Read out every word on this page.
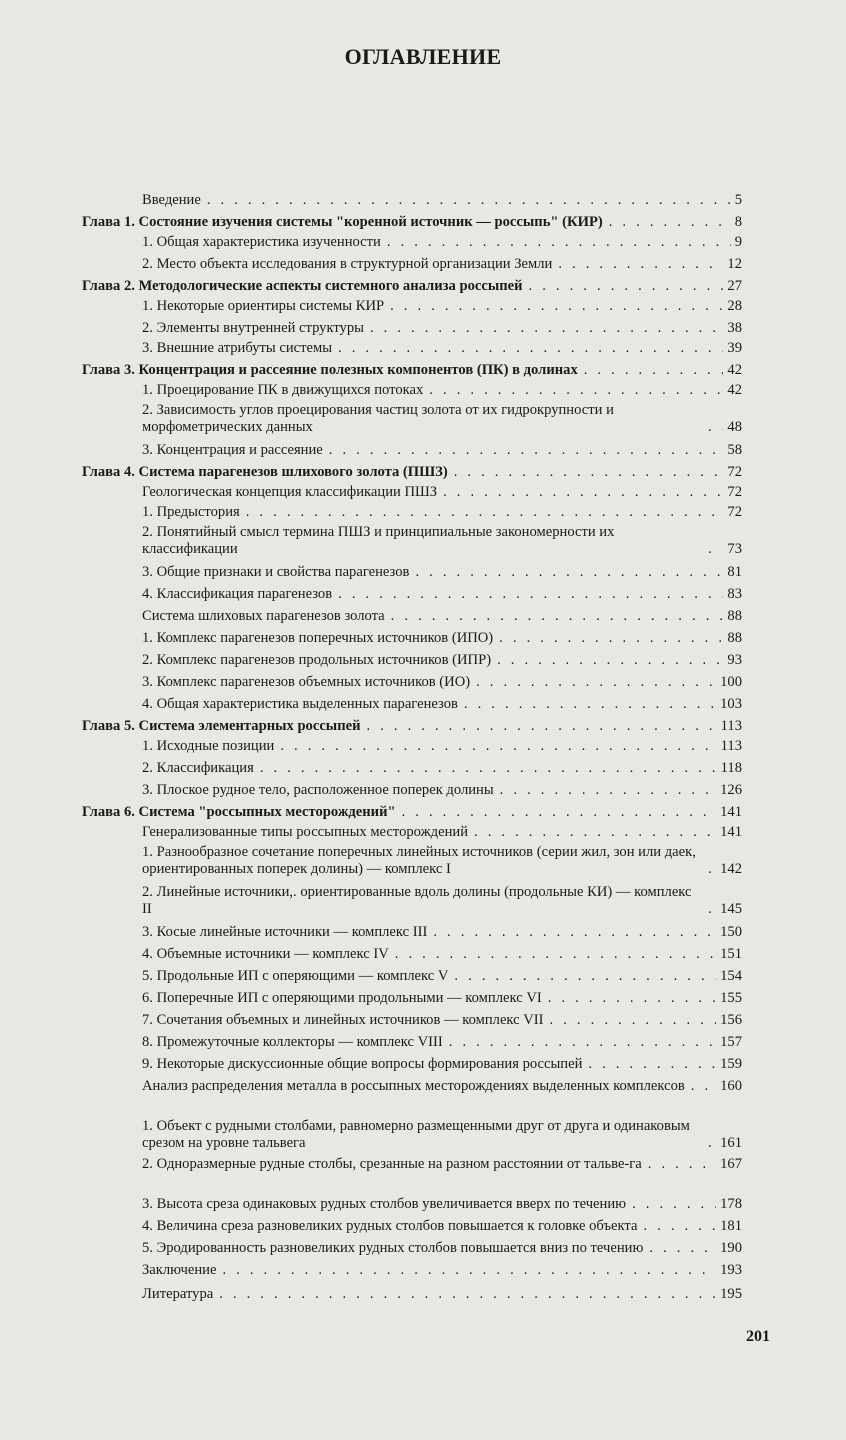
ОГЛАВЛЕНИЕ
Введение . . .	5
Глава 1. Состояние изучения системы "коренной источник — россыпь" (КИР) . . .	8
1. Общая характеристика изученности . . .	9
2. Место объекта исследования в структурной организации Земли . . .	12
Глава 2. Методологические аспекты системного анализа россыпей . . .	27
1. Некоторые ориентиры системы КИР . . .	28
2. Элементы внутренней структуры . . .	38
3. Внешние атрибуты системы . . .	39
Глава 3. Концентрация и рассеяние полезных компонентов (ПК) в долинах . . .	42
1. Проецирование ПК в движущихся потоках . . .	42
2. Зависимость углов проецирования частиц золота от их гидрокрупности и морфометрических данных . . .	48
3. Концентрация и рассеяние . . .	58
Глава 4. Система парагенезов шлихового золота (ПШЗ) . . .	72
Геологическая концепция классификации ПШЗ . . .	72
1. Предыстория . . .	72
2. Понятийный смысл термина ПШЗ и принципиальные закономерности их классификации . . .	73
3. Общие признаки и свойства парагенезов . . .	81
4. Классификация парагенезов . . .	83
Система шлиховых парагенезов золота . . .	88
1. Комплекс парагенезов поперечных источников (ИПО) . . .	88
2. Комплекс парагенезов продольных источников (ИПР) . . .	93
3. Комплекс парагенезов объемных источников (ИО) . . .	100
4. Общая характеристика выделенных парагенезов . . .	103
Глава 5. Система элементарных россыпей . . .	113
1. Исходные позиции . . .	113
2. Классификация . . .	118
3. Плоское рудное тело, расположенное поперек долины . . .	126
Глава 6. Система "россыпных месторождений" . . .	141
Генерализованные типы россыпных месторождений . . .	141
1. Разнообразное сочетание поперечных линейных источников (серии жил, зон или даек, ориентированных поперек долины) — комплекс I . . .	142
2. Линейные источники,. ориентированные вдоль долины (продольные КИ) — комплекс II . . .	145
3. Косые линейные источники — комплекс III . . .	150
4. Объемные источники — комплекс IV . . .	151
5. Продольные ИП с оперяющими — комплекс V . . .	154
6. Поперечные ИП с оперяющими продольными — комплекс VI . . .	155
7. Сочетания объемных и линейных источников — комплекс VII . . .	156
8. Промежуточные коллекторы — комплекс VIII . . .	157
9. Некоторые дискуссионные общие вопросы формирования россыпей . . .	159
Анализ распределения металла в россыпных месторождениях выделенных комплексов . . . 160
1. Объект с рудными столбами, равномерно размещенными друг от друга и одинаковым срезом на уровне тальвега . . .	161
2. Одноразмерные рудные столбы, срезанные на разном расстоянии от тальве-га . . .	167
3. Высота среза одинаковых рудных столбов увеличивается вверх по течению . . .	178
4. Величина среза разновеликих рудных столбов повышается к головке объекта . . .	181
5. Эродированность разновеликих рудных столбов повышается вниз по течению . . .	190
Заключение . . .	193
Литература . . .	195
201
